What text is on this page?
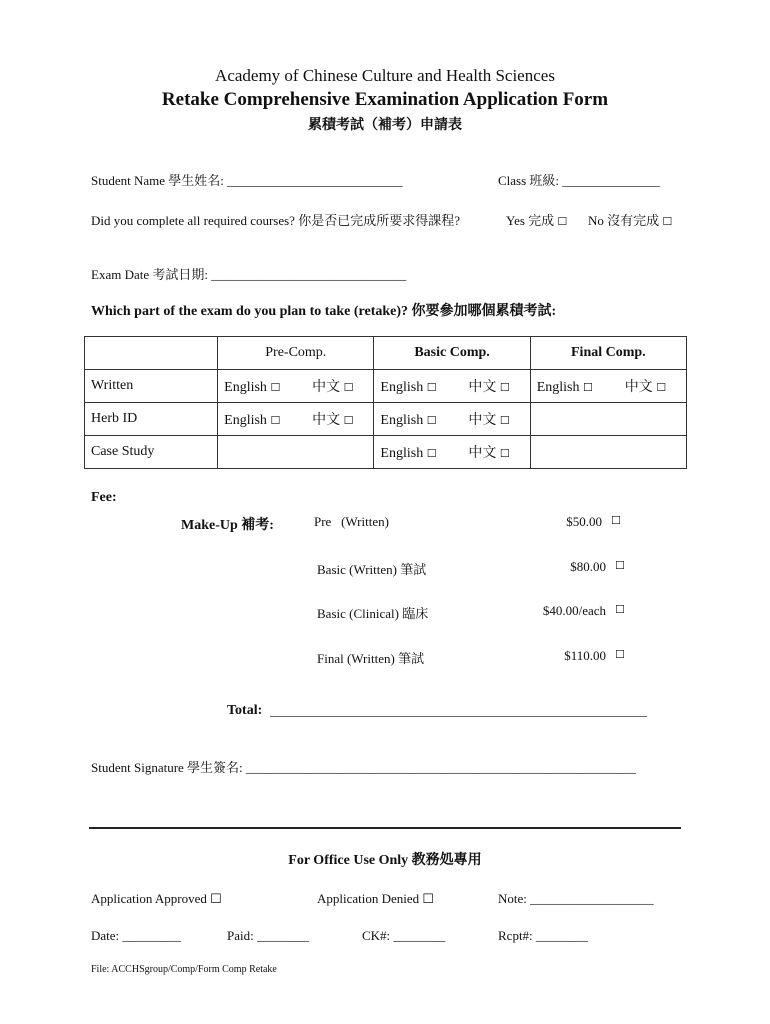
Academy of Chinese Culture and Health Sciences
Retake Comprehensive Examination Application Form
累積考試（補考）申請表
Student Name 學生姓名: ___________________________	Class 班級: _______________
Did you complete all required courses? 你是否已完成所要求得課程?	Yes 完成 ☐ No 沒有完成 ☐
Exam Date 考試日期: ______________________________
Which part of the exam do you plan to take (retake)? 你要參加哪個累積考試:
	Pre-Comp.	Basic Comp.	Final Comp.
Written	English ☐ 中文 ☐	English ☐ 中文 ☐	English ☐ 中文 ☐
Herb ID	English ☐ 中文 ☐	English ☐ 中文 ☐	
Case Study		English ☐ 中文 ☐	
Fee:
Make-Up 補考:	Pre   (Written)	$50.00 ☐
Basic (Written) 筆試	$80.00 ☐
Basic (Clinical) 臨床	$40.00/each ☐
Final (Written) 筆試	$110.00 ☐
Total: __________________________________________________________
Student Signature 學生簽名: ____________________________________________________________
For Office Use Only 教務処專用
Application Approved ☐	Application Denied ☐	Note: ___________________
Date: _________	Paid: ________	CK#: ________	Rcpt#: ________
File: ACCHSgroup/Comp/Form Comp Retake
